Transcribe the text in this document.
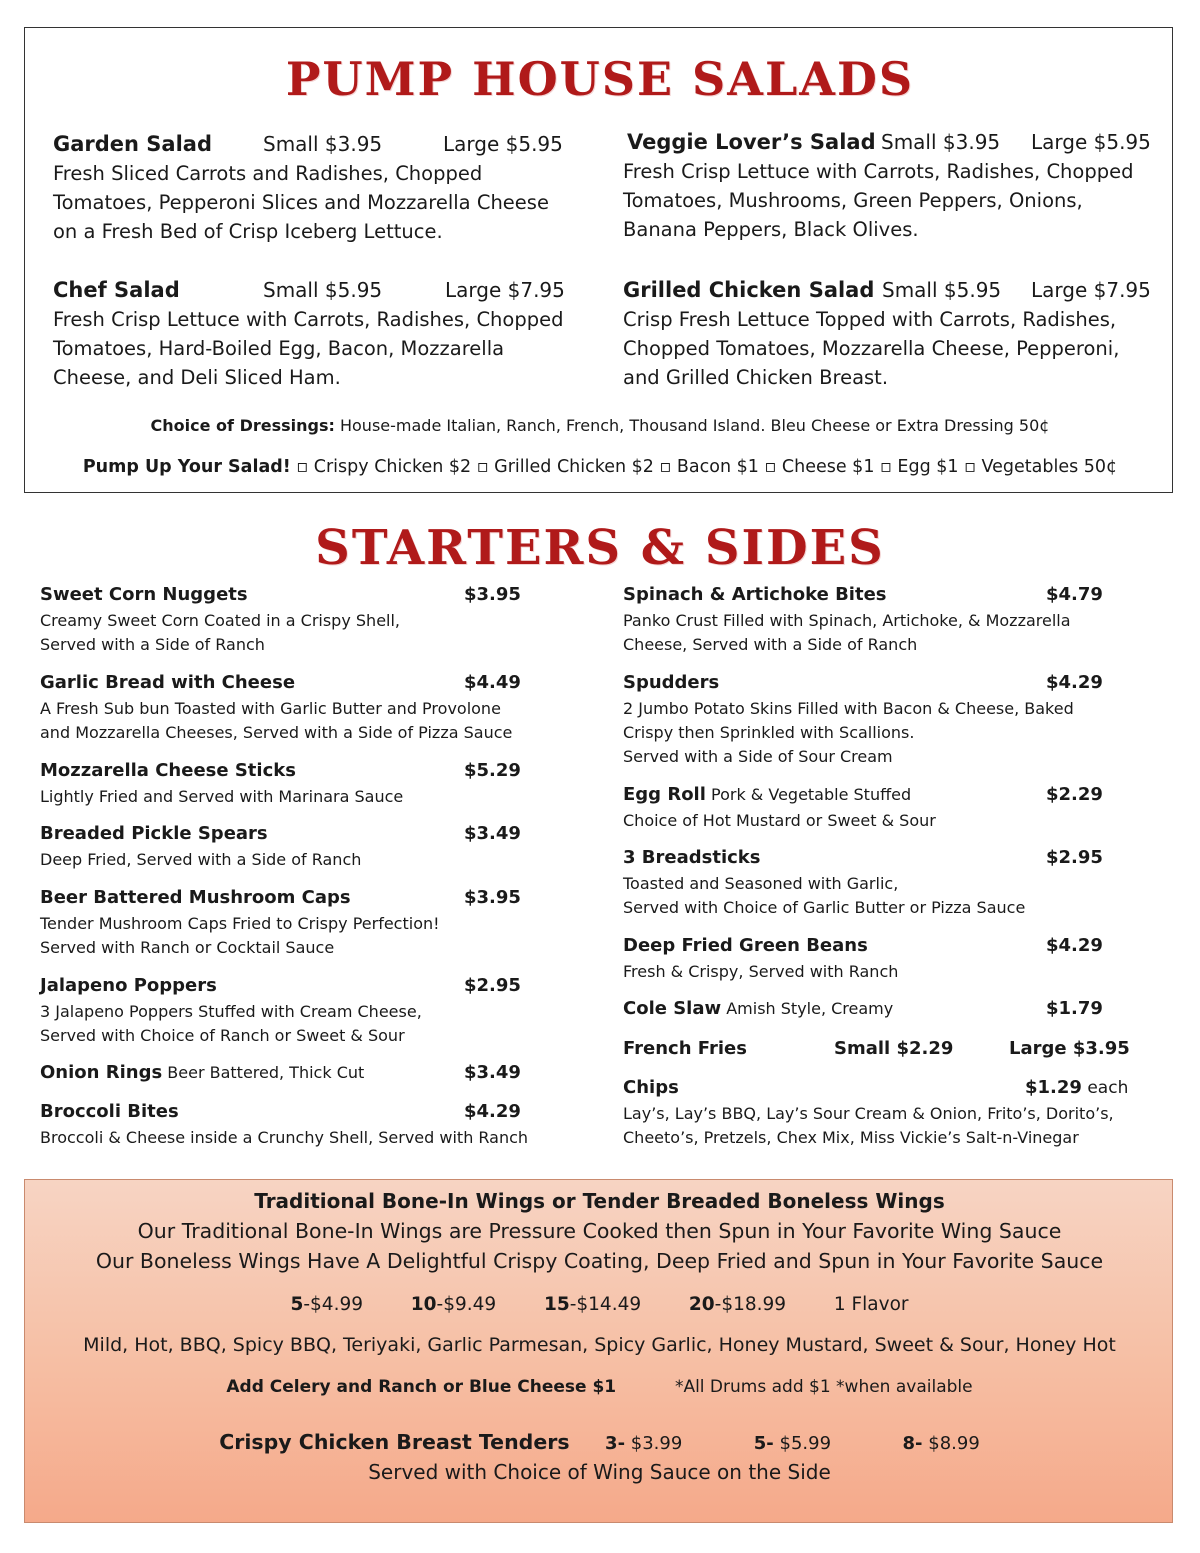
PUMP HOUSE SALADS
Garden Salad	Small $3.95	Large $5.95
Fresh Sliced Carrots and Radishes, Chopped
Tomatoes, Pepperoni Slices and Mozzarella Cheese
on a Fresh Bed of Crisp Iceberg Lettuce.
Veggie Lover’s Salad Small $3.95 Large $5.95
Fresh Crisp Lettuce with Carrots, Radishes, Chopped
Tomatoes, Mushrooms, Green Peppers, Onions,
Banana Peppers, Black Olives.
Chef Salad	Small $5.95	Large $7.95
Fresh Crisp Lettuce with Carrots, Radishes, Chopped
Tomatoes, Hard-Boiled Egg, Bacon, Mozzarella
Cheese, and Deli Sliced Ham.
Grilled Chicken Salad Small $5.95 Large $7.95
Crisp Fresh Lettuce Topped with Carrots, Radishes,
Chopped Tomatoes, Mozzarella Cheese, Pepperoni,
and Grilled Chicken Breast.
Choice of Dressings: House-made Italian, Ranch, French, Thousand Island. Bleu Cheese or Extra Dressing 50¢
Pump Up Your Salad! ▫ Crispy Chicken $2 ▫ Grilled Chicken $2 ▫ Bacon $1 ▫ Cheese $1 ▫ Egg $1 ▫ Vegetables 50¢
STARTERS & SIDES
Sweet Corn Nuggets	$3.95
Creamy Sweet Corn Coated in a Crispy Shell,
Served with a Side of Ranch
Garlic Bread with Cheese	$4.49
A Fresh Sub bun Toasted with Garlic Butter and Provolone
and Mozzarella Cheeses, Served with a Side of Pizza Sauce
Mozzarella Cheese Sticks	$5.29
Lightly Fried and Served with Marinara Sauce
Breaded Pickle Spears	$3.49
Deep Fried, Served with a Side of Ranch
Beer Battered Mushroom Caps	$3.95
Tender Mushroom Caps Fried to Crispy Perfection!
Served with Ranch or Cocktail Sauce
Jalapeno Poppers	$2.95
3 Jalapeno Poppers Stuffed with Cream Cheese,
Served with Choice of Ranch or Sweet & Sour
Onion Rings Beer Battered, Thick Cut	$3.49
Broccoli Bites	$4.29
Broccoli & Cheese inside a Crunchy Shell, Served with Ranch
Spinach & Artichoke Bites	$4.79
Panko Crust Filled with Spinach, Artichoke, & Mozzarella
Cheese, Served with a Side of Ranch
Spudders	$4.29
2 Jumbo Potato Skins Filled with Bacon & Cheese, Baked
Crispy then Sprinkled with Scallions.
Served with a Side of Sour Cream
Egg Roll Pork & Vegetable Stuffed	$2.29
Choice of Hot Mustard or Sweet & Sour
3 Breadsticks	$2.95
Toasted and Seasoned with Garlic,
Served with Choice of Garlic Butter or Pizza Sauce
Deep Fried Green Beans	$4.29
Fresh & Crispy, Served with Ranch
Cole Slaw Amish Style, Creamy	$1.79
French Fries	Small $2.29	Large $3.95
Chips	$1.29 each
Lay’s, Lay’s BBQ, Lay’s Sour Cream & Onion, Frito’s, Dorito’s,
Cheeto’s, Pretzels, Chex Mix, Miss Vickie’s Salt-n-Vinegar
Traditional Bone-In Wings or Tender Breaded Boneless Wings
Our Traditional Bone-In Wings are Pressure Cooked then Spun in Your Favorite Wing Sauce
Our Boneless Wings Have A Delightful Crispy Coating, Deep Fried and Spun in Your Favorite Sauce
5-$4.99	10-$9.49	15-$14.49	20-$18.99	1 Flavor
Mild, Hot, BBQ, Spicy BBQ, Teriyaki, Garlic Parmesan, Spicy Garlic, Honey Mustard, Sweet & Sour, Honey Hot
Add Celery and Ranch or Blue Cheese $1	*All Drums add $1 *when available
Crispy Chicken Breast Tenders 3- $3.99	5- $5.99	8- $8.99
Served with Choice of Wing Sauce on the Side
